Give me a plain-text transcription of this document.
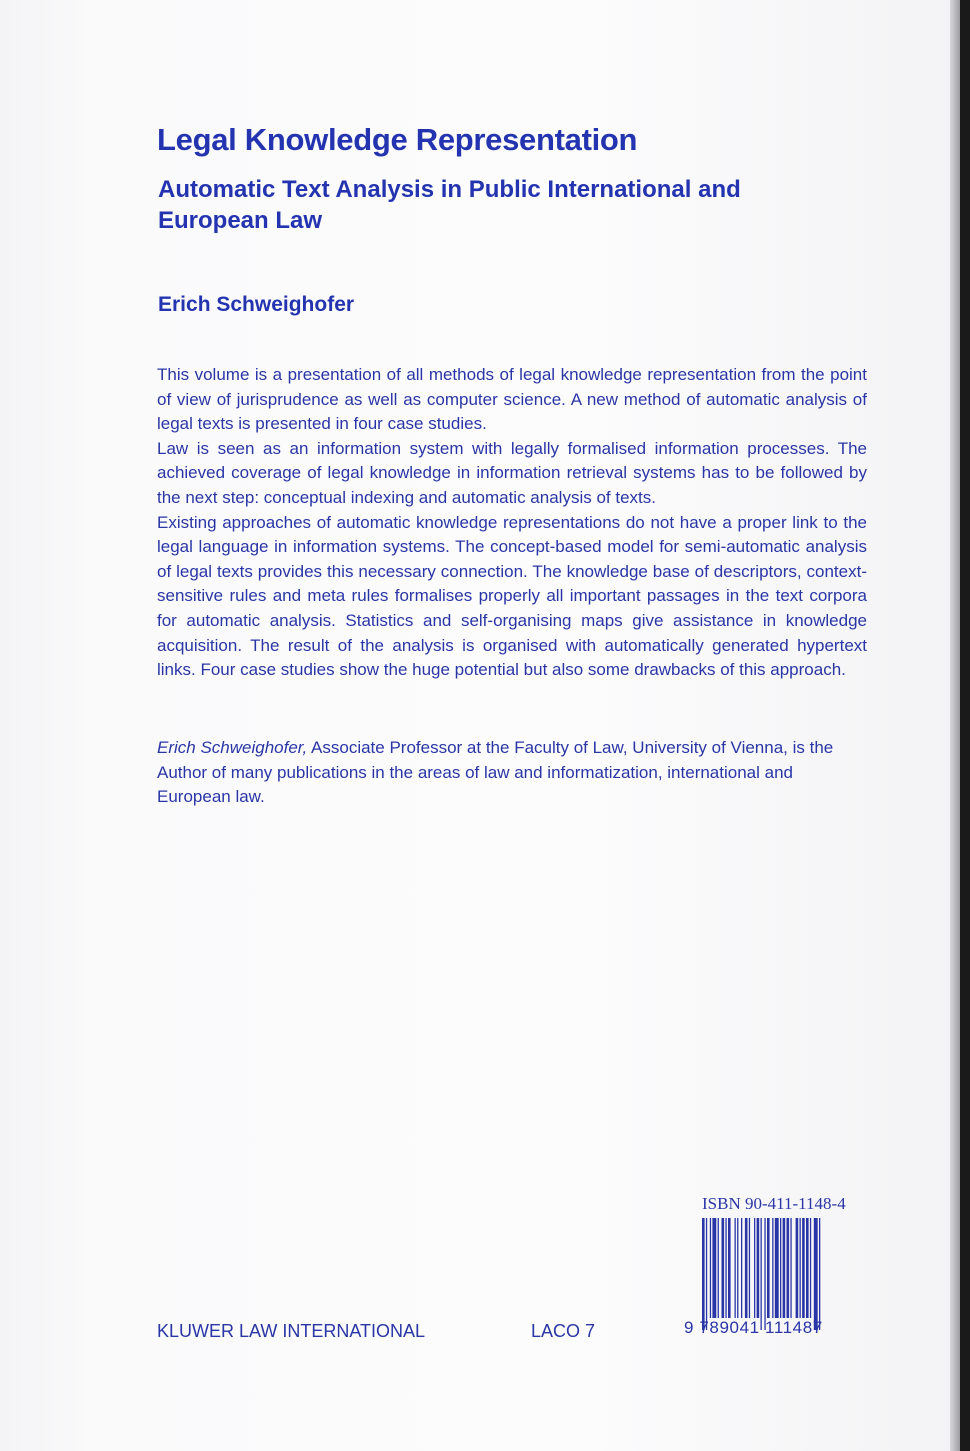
Legal Knowledge Representation
Automatic Text Analysis in Public International and European Law
Erich Schweighofer

This volume is a presentation of all methods of legal knowledge representation from the point of view of jurisprudence as well as computer science. A new method of automatic analysis of legal texts is presented in four case studies.

Law is seen as an information system with legally formalised information processes. The achieved coverage of legal knowledge in information retrieval systems has to be followed by the next step: conceptual indexing and automatic analysis of texts.

Existing approaches of automatic knowledge representations do not have a proper link to the legal language in information systems. The concept-based model for semi-automatic analysis of legal texts provides this necessary connection. The knowledge base of descriptors, context-sensitive rules and meta rules formalises properly all important passages in the text corpora for automatic analysis. Statistics and self-organising maps give assistance in knowledge acquisition. The result of the analysis is organised with automatically generated hypertext links. Four case studies show the huge potential but also some drawbacks of this approach.

Erich Schweighofer, Associate Professor at the Faculty of Law, University of Vienna, is the Author of many publications in the areas of law and informatization, international and European law.

ISBN 90-411-1148-4
9 789041 111487
KLUWER LAW INTERNATIONAL	LACO 7
